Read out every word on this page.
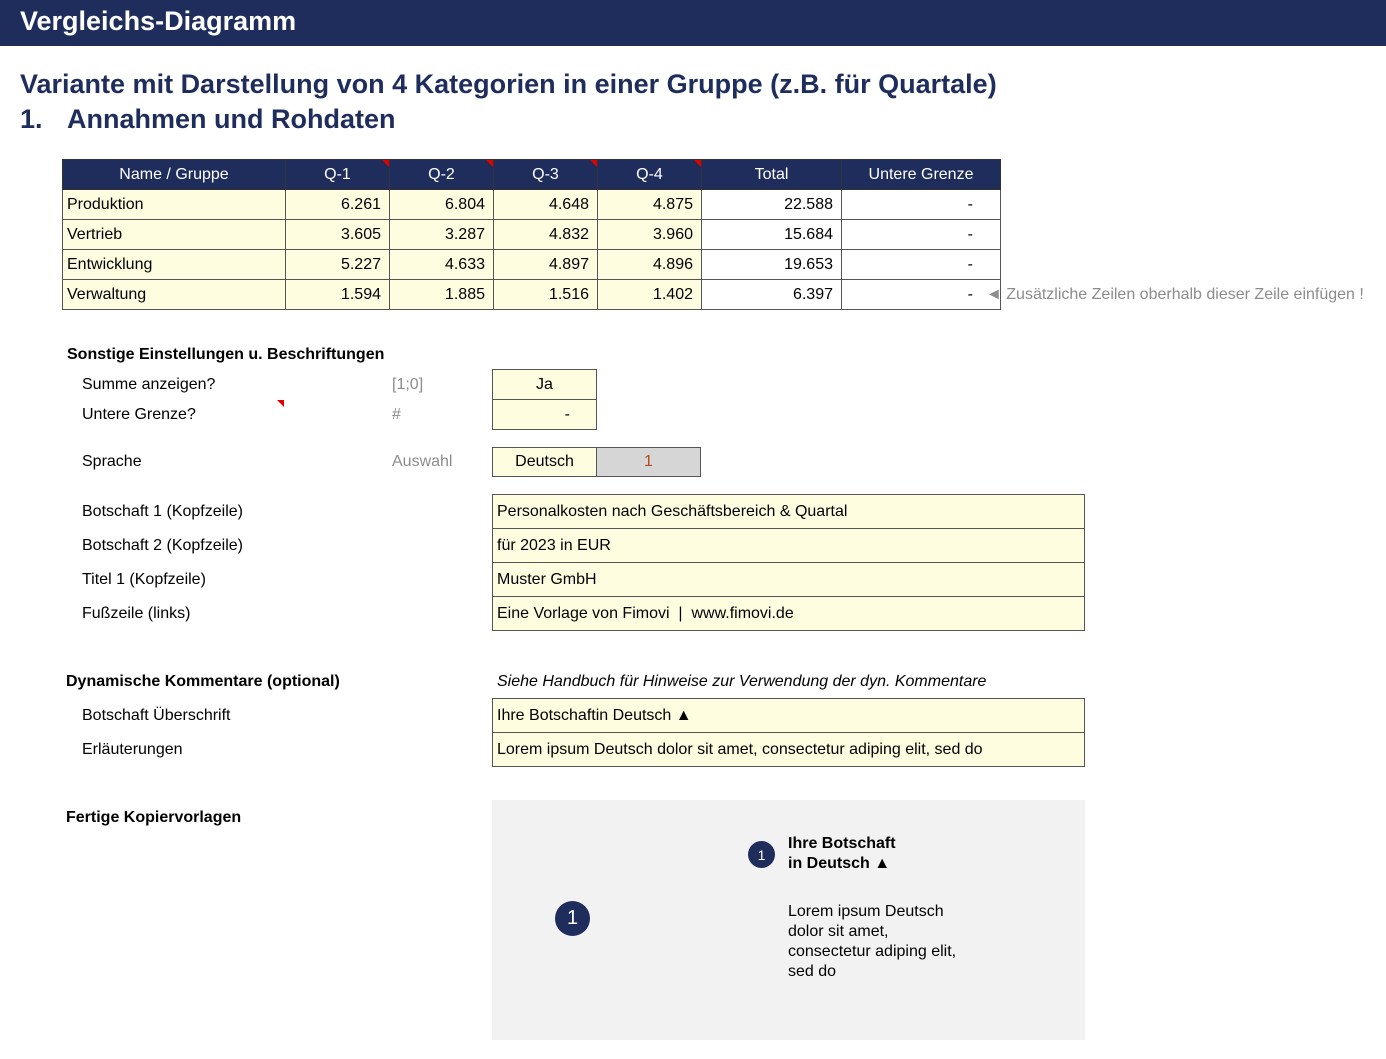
Vergleichs-Diagramm
Variante mit Darstellung von 4 Kategorien in einer Gruppe (z.B. für Quartale)
1. Annahmen und Rohdaten
Name / Gruppe	Q-1	Q-2	Q-3	Q-4	Total	Untere Grenze
Produktion	6.261	6.804	4.648	4.875	22.588	-
Vertrieb	3.605	3.287	4.832	3.960	15.684	-
Entwicklung	5.227	4.633	4.897	4.896	19.653	-
Verwaltung	1.594	1.885	1.516	1.402	6.397	- ◄ Zusätzliche Zeilen oberhalb dieser Zeile einfügen !
Sonstige Einstellungen u. Beschriftungen
Summe anzeigen?	[1;0]	Ja
Untere Grenze?	#	-
Sprache	Auswahl	Deutsch	1
Botschaft 1 (Kopfzeile)	Personalkosten nach Geschäftsbereich & Quartal
Botschaft 2 (Kopfzeile)	für 2023 in EUR
Titel 1 (Kopfzeile)	Muster GmbH
Fußzeile (links)	Eine Vorlage von Fimovi  |  www.fimovi.de
Dynamische Kommentare (optional)	Siehe Handbuch für Hinweise zur Verwendung der dyn. Kommentare
Botschaft Überschrift	Ihre Botschaftin Deutsch ▲
Erläuterungen	Lorem ipsum Deutsch dolor sit amet, consectetur adiping elit, sed do
Fertige Kopiervorlagen
1
1
Ihre Botschaft
in Deutsch ▲
Lorem ipsum Deutsch
dolor sit amet,
consectetur adiping elit,
sed do
